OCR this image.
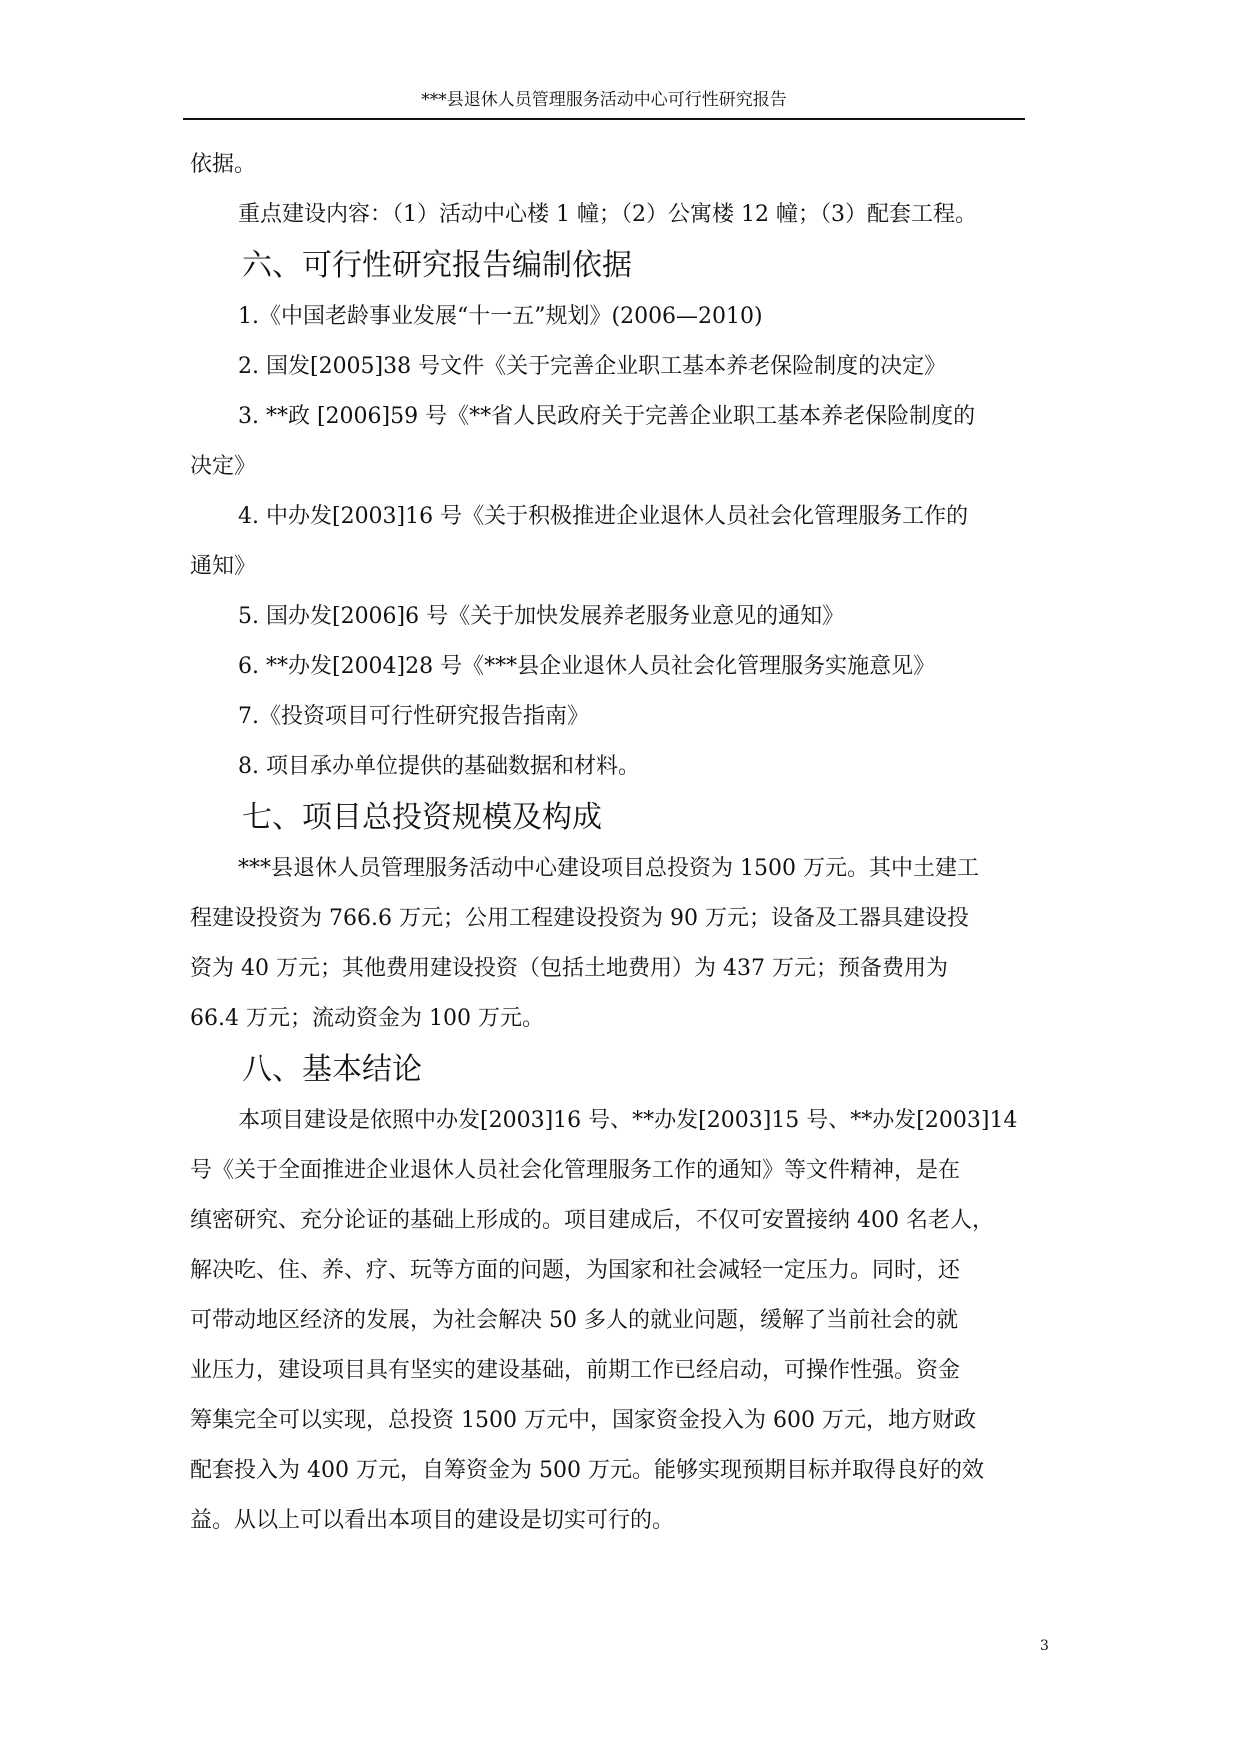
***县退休人员管理服务活动中心可行性研究报告

依据。

重点建设内容：（1）活动中心楼 1 幢；（2）公寓楼 12 幢；（3）配套工程。

六、可行性研究报告编制依据

1.《中国老龄事业发展“十一五”规划》(2006—2010)

2. 国发[2005]38 号文件《关于完善企业职工基本养老保险制度的决定》

3. **政 [2006]59 号《**省人民政府关于完善企业职工基本养老保险制度的

决定》

4. 中办发[2003]16 号《关于积极推进企业退休人员社会化管理服务工作的

通知》

5. 国办发[2006]6 号《关于加快发展养老服务业意见的通知》

6. **办发[2004]28 号《***县企业退休人员社会化管理服务实施意见》

7.《投资项目可行性研究报告指南》

8. 项目承办单位提供的基础数据和材料。

七、项目总投资规模及构成

***县退休人员管理服务活动中心建设项目总投资为 1500 万元。其中土建工

程建设投资为 766.6 万元；公用工程建设投资为 90 万元；设备及工器具建设投

资为 40 万元；其他费用建设投资（包括土地费用）为 437 万元；预备费用为

66.4 万元；流动资金为 100 万元。

八、基本结论

本项目建设是依照中办发[2003]16 号、**办发[2003]15 号、**办发[2003]14

号《关于全面推进企业退休人员社会化管理服务工作的通知》等文件精神，是在

缜密研究、充分论证的基础上形成的。项目建成后，不仅可安置接纳 400 名老人，

解决吃、住、养、疗、玩等方面的问题，为国家和社会减轻一定压力。同时，还

可带动地区经济的发展，为社会解决 50 多人的就业问题，缓解了当前社会的就

业压力，建设项目具有坚实的建设基础，前期工作已经启动，可操作性强。资金

筹集完全可以实现，总投资 1500 万元中，国家资金投入为 600 万元，地方财政

配套投入为 400 万元，自筹资金为 500 万元。能够实现预期目标并取得良好的效

益。从以上可以看出本项目的建设是切实可行的。

3
